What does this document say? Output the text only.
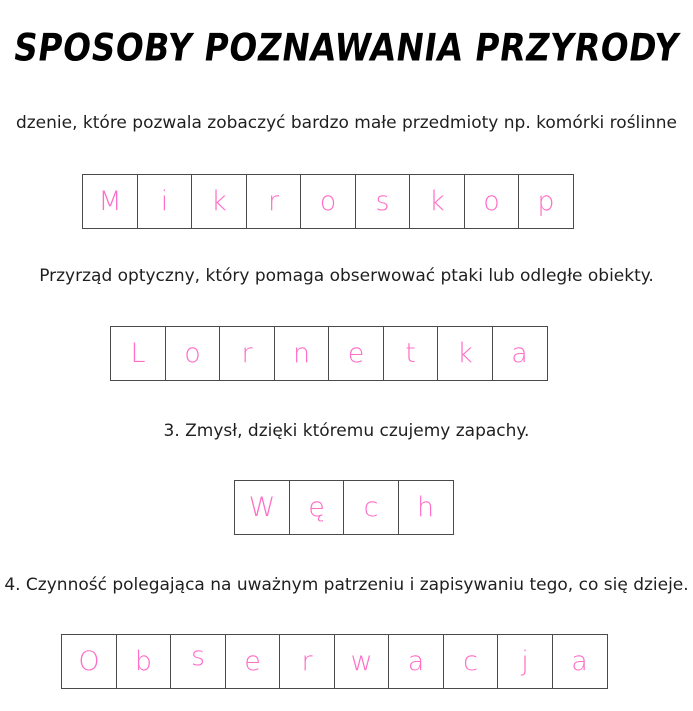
SPOSOBY POZNAWANIA PRZYRODY
dzenie, które pozwala zobaczyć bardzo małe przedmioty np. komórki roślinne
M i k r o s k o p
Przyrząd optyczny, który pomaga obserwować ptaki lub odległe obiekty.
L o r n e t k a
3. Zmysł, dzięki któremu czujemy zapachy.
W ę c h
4. Czynność polegająca na uważnym patrzeniu i zapisywaniu tego, co się dzieje.
O b s e r w a c j a
